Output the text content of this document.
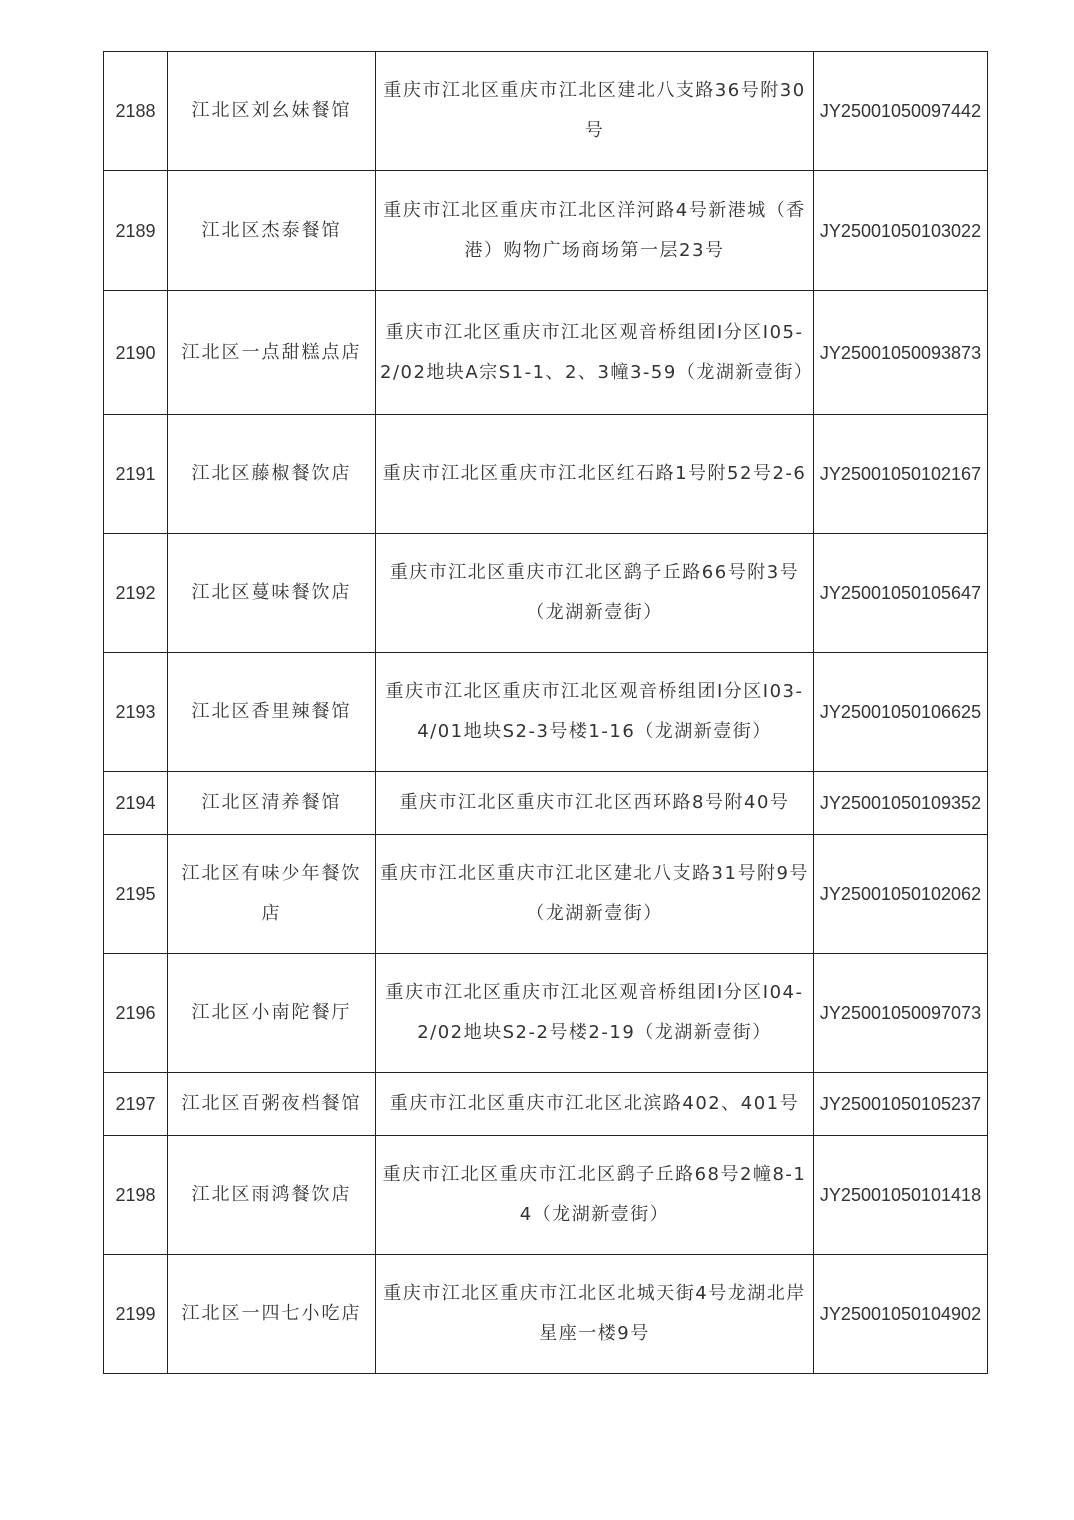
2188	江北区刘幺妹餐馆	重庆市江北区重庆市江北区建北八支路36号附30号	JY25001050097442
2189	江北区杰泰餐馆	重庆市江北区重庆市江北区洋河路4号新港城（香港）购物广场商场第一层23号	JY25001050103022
2190	江北区一点甜糕点店	重庆市江北区重庆市江北区观音桥组团I分区I05-2/02地块A宗S1-1、2、3幢3-59（龙湖新壹街）	JY25001050093873
2191	江北区藤椒餐饮店	重庆市江北区重庆市江北区红石路1号附52号2-6	JY25001050102167
2192	江北区蔓味餐饮店	重庆市江北区重庆市江北区鹞子丘路66号附3号（龙湖新壹街）	JY25001050105647
2193	江北区香里辣餐馆	重庆市江北区重庆市江北区观音桥组团I分区I03-4/01地块S2-3号楼1-16（龙湖新壹街）	JY25001050106625
2194	江北区清养餐馆	重庆市江北区重庆市江北区西环路8号附40号	JY25001050109352
2195	江北区有味少年餐饮店	重庆市江北区重庆市江北区建北八支路31号附9号（龙湖新壹街）	JY25001050102062
2196	江北区小南陀餐厅	重庆市江北区重庆市江北区观音桥组团I分区I04-2/02地块S2-2号楼2-19（龙湖新壹街）	JY25001050097073
2197	江北区百粥夜档餐馆	重庆市江北区重庆市江北区北滨路402、401号	JY25001050105237
2198	江北区雨鸿餐饮店	重庆市江北区重庆市江北区鹞子丘路68号2幢8-14（龙湖新壹街）	JY25001050101418
2199	江北区一四七小吃店	重庆市江北区重庆市江北区北城天街4号龙湖北岸星座一楼9号	JY25001050104902
